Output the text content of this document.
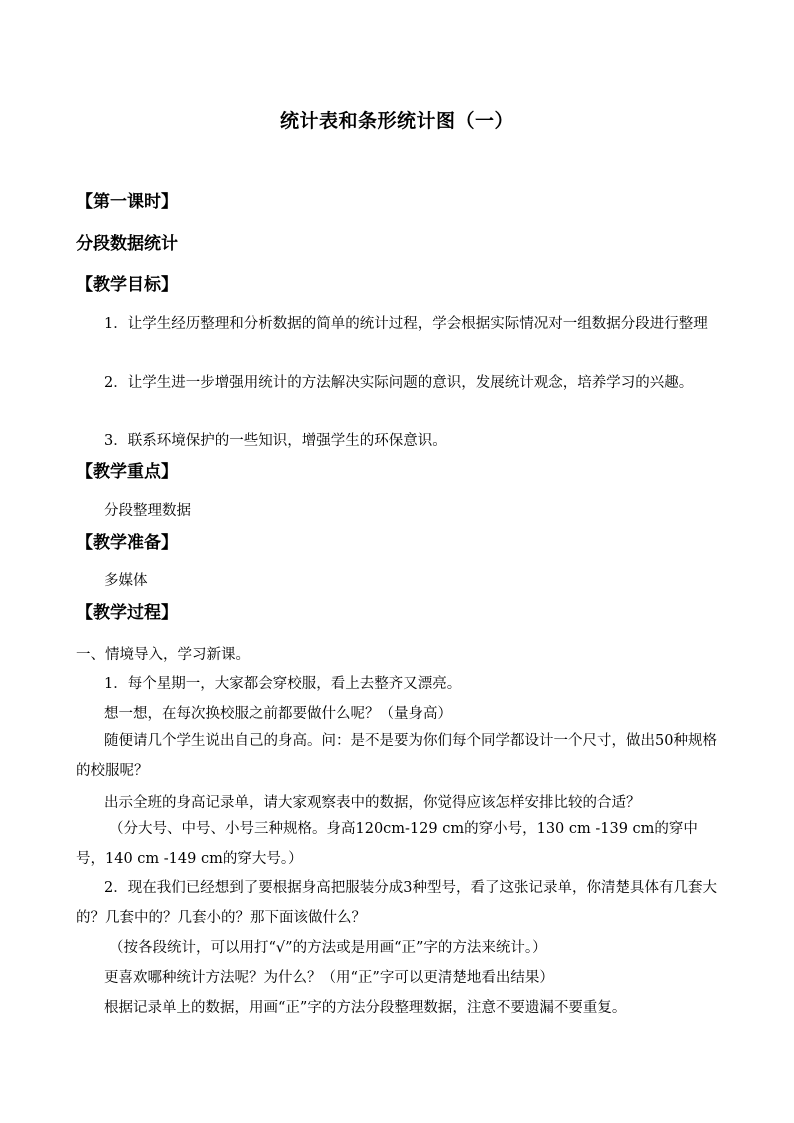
统计表和条形统计图（一）
【第一课时】
分段数据统计
【教学目标】
1．让学生经历整理和分析数据的简单的统计过程，学会根据实际情况对一组数据分段进行整理
2．让学生进一步增强用统计的方法解决实际问题的意识，发展统计观念，培养学习的兴趣。
3．联系环境保护的一些知识，增强学生的环保意识。
【教学重点】
分段整理数据
【教学准备】
多媒体
【教学过程】
一、情境导入，学习新课。
1．每个星期一，大家都会穿校服，看上去整齐又漂亮。
想一想，在每次换校服之前都要做什么呢？（量身高）
随便请几个学生说出自己的身高。问：是不是要为你们每个同学都设计一个尺寸，做出50种规格的校服呢？
出示全班的身高记录单，请大家观察表中的数据，你觉得应该怎样安排比较的合适？
（分大号、中号、小号三种规格。身高120cm-129 cm的穿小号，130 cm -139 cm的穿中号，140 cm -149 cm的穿大号。）
2．现在我们已经想到了要根据身高把服装分成3种型号，看了这张记录单，你清楚具体有几套大的？几套中的？几套小的？那下面该做什么？
（按各段统计，可以用打“√”的方法或是用画“正”字的方法来统计。）
更喜欢哪种统计方法呢？为什么？（用“正”字可以更清楚地看出结果）
根据记录单上的数据，用画“正”字的方法分段整理数据，注意不要遗漏不要重复。
